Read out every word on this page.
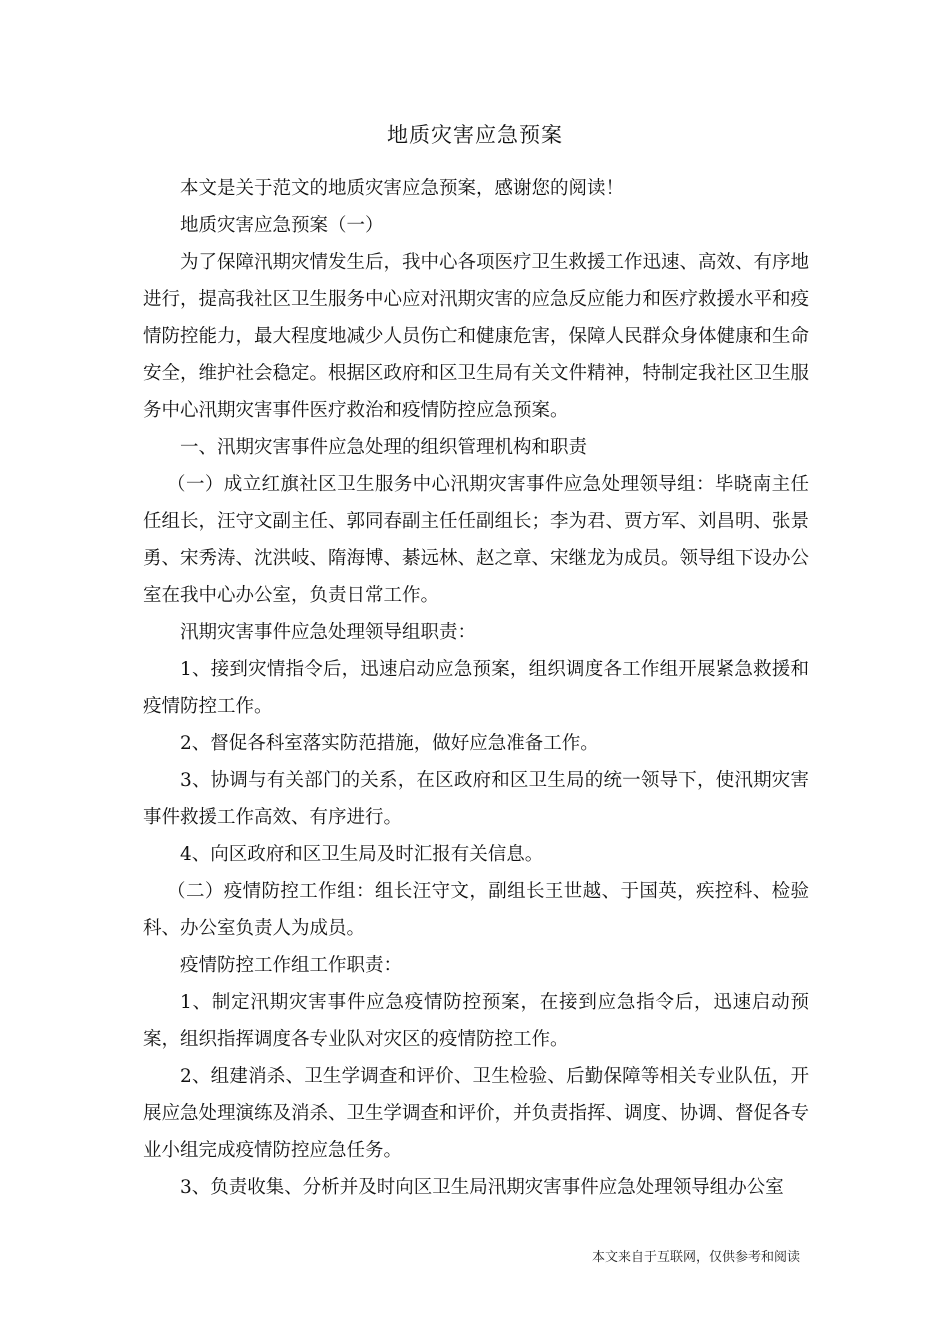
地质灾害应急预案

本文是关于范文的地质灾害应急预案，感谢您的阅读！

地质灾害应急预案（一）

为了保障汛期灾情发生后，我中心各项医疗卫生救援工作迅速、高效、有序地进行，提高我社区卫生服务中心应对汛期灾害的应急反应能力和医疗救援水平和疫情防控能力，最大程度地减少人员伤亡和健康危害，保障人民群众身体健康和生命安全，维护社会稳定。根据区政府和区卫生局有关文件精神，特制定我社区卫生服务中心汛期灾害事件医疗救治和疫情防控应急预案。

一、汛期灾害事件应急处理的组织管理机构和职责

（一）成立红旗社区卫生服务中心汛期灾害事件应急处理领导组：毕晓南主任任组长，汪守文副主任、郭同春副主任任副组长；李为君、贾方军、刘昌明、张景勇、宋秀涛、沈洪岐、隋海博、綦远林、赵之章、宋继龙为成员。领导组下设办公室在我中心办公室，负责日常工作。

汛期灾害事件应急处理领导组职责：

1、接到灾情指令后，迅速启动应急预案，组织调度各工作组开展紧急救援和疫情防控工作。

2、督促各科室落实防范措施，做好应急准备工作。

3、协调与有关部门的关系，在区政府和区卫生局的统一领导下，使汛期灾害事件救援工作高效、有序进行。

4、向区政府和区卫生局及时汇报有关信息。

（二）疫情防控工作组：组长汪守文，副组长王世越、于国英，疾控科、检验科、办公室负责人为成员。

疫情防控工作组工作职责：

1、制定汛期灾害事件应急疫情防控预案，在接到应急指令后，迅速启动预案，组织指挥调度各专业队对灾区的疫情防控工作。

2、组建消杀、卫生学调查和评价、卫生检验、后勤保障等相关专业队伍，开展应急处理演练及消杀、卫生学调查和评价，并负责指挥、调度、协调、督促各专业小组完成疫情防控应急任务。

3、负责收集、分析并及时向区卫生局汛期灾害事件应急处理领导组办公室

本文来自于互联网，仅供参考和阅读
